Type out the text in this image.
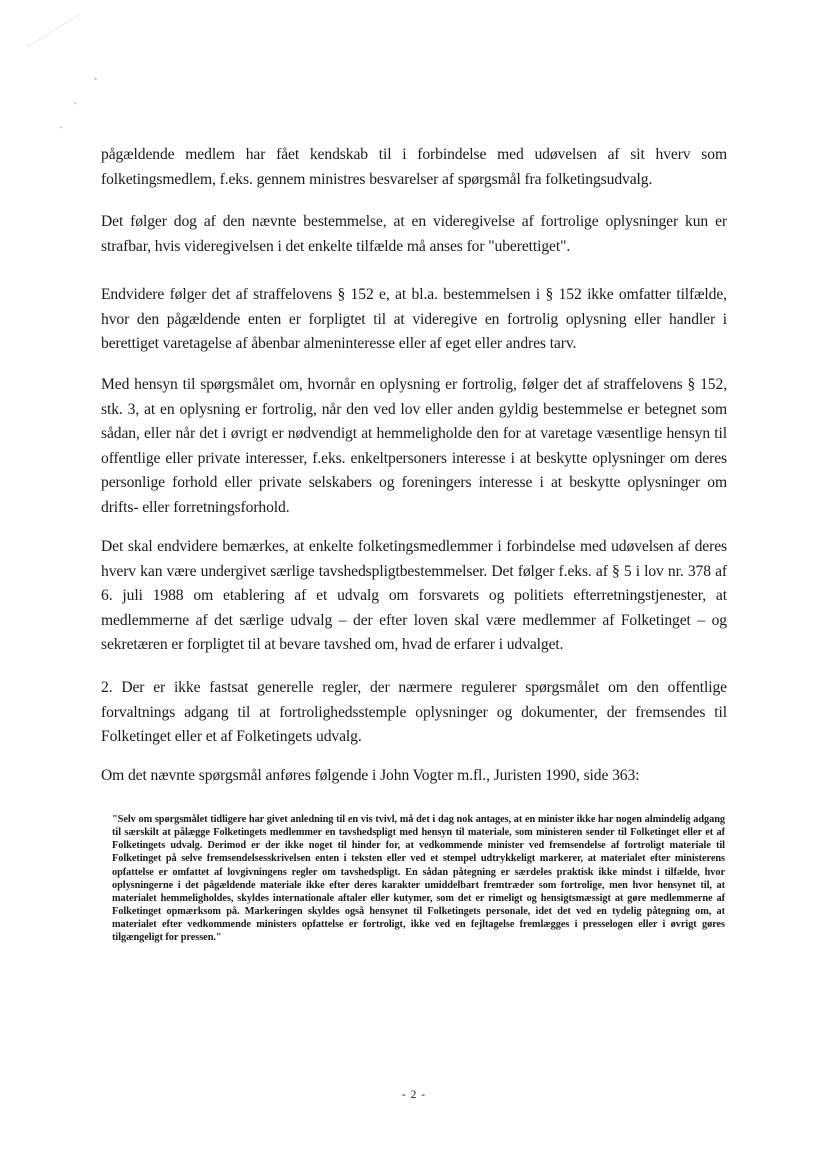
•
•
•

pågældende medlem har fået kendskab til i forbindelse med udøvelsen af sit hverv som folketingsmedlem, f.eks. gennem ministres besvarelser af spørgsmål fra folketingsudvalg.

Det følger dog af den nævnte bestemmelse, at en videregivelse af fortrolige oplysninger kun er strafbar, hvis videregivelsen i det enkelte tilfælde må anses for "uberettiget".

Endvidere følger det af straffelovens § 152 e, at bl.a. bestemmelsen i § 152 ikke omfatter tilfælde, hvor den pågældende enten er forpligtet til at videregive en fortrolig oplysning eller handler i berettiget varetagelse af åbenbar almeninteresse eller af eget eller andres tarv.

Med hensyn til spørgsmålet om, hvornår en oplysning er fortrolig, følger det af straffelovens § 152, stk. 3, at en oplysning er fortrolig, når den ved lov eller anden gyldig bestemmelse er betegnet som sådan, eller når det i øvrigt er nødvendigt at hemmeligholde den for at varetage væsentlige hensyn til offentlige eller private interesser, f.eks. enkeltpersoners interesse i at beskytte oplysninger om deres personlige forhold eller private selskabers og foreningers interesse i at beskytte oplysninger om drifts- eller forretningsforhold.

Det skal endvidere bemærkes, at enkelte folketingsmedlemmer i forbindelse med udøvelsen af deres hverv kan være undergivet særlige tavshedspligtbestemmelser. Det følger f.eks. af § 5 i lov nr. 378 af 6. juli 1988 om etablering af et udvalg om forsvarets og politiets efterretningstjenester, at medlemmerne af det særlige udvalg – der efter loven skal være medlemmer af Folketinget – og sekretæren er forpligtet til at bevare tavshed om, hvad de erfarer i udvalget.

2. Der er ikke fastsat generelle regler, der nærmere regulerer spørgsmålet om den offentlige forvaltnings adgang til at fortrolighedsstemple oplysninger og dokumenter, der fremsendes til Folketinget eller et af Folketingets udvalg.

Om det nævnte spørgsmål anføres følgende i John Vogter m.fl., Juristen 1990, side 363:

"Selv om spørgsmålet tidligere har givet anledning til en vis tvivl, må det i dag nok antages, at en minister ikke har nogen almindelig adgang til særskilt at pålægge Folketingets medlemmer en tavshedspligt med hensyn til materiale, som ministeren sender til Folketinget eller et af Folketingets udvalg. Derimod er der ikke noget til hinder for, at vedkommende minister ved fremsendelse af fortroligt materiale til Folketinget på selve fremsendelsesskrivelsen enten i teksten eller ved et stempel udtrykkeligt markerer, at materialet efter ministerens opfattelse er omfattet af lovgivningens regler om tavshedspligt. En sådan påtegning er særdeles praktisk ikke mindst i tilfælde, hvor oplysningerne i det pågældende materiale ikke efter deres karakter umiddelbart fremtræder som fortrolige, men hvor hensynet til, at materialet hemmeligholdes, skyldes internationale aftaler eller kutymer, som det er rimeligt og hensigtsmæssigt at gøre medlemmerne af Folketinget opmærksom på. Markeringen skyldes også hensynet til Folketingets personale, idet det ved en tydelig påtegning om, at materialet efter vedkommende ministers opfattelse er fortroligt, ikke ved en fejltagelse fremlægges i presselogen eller i øvrigt gøres tilgængeligt for pressen."

- 2 -
